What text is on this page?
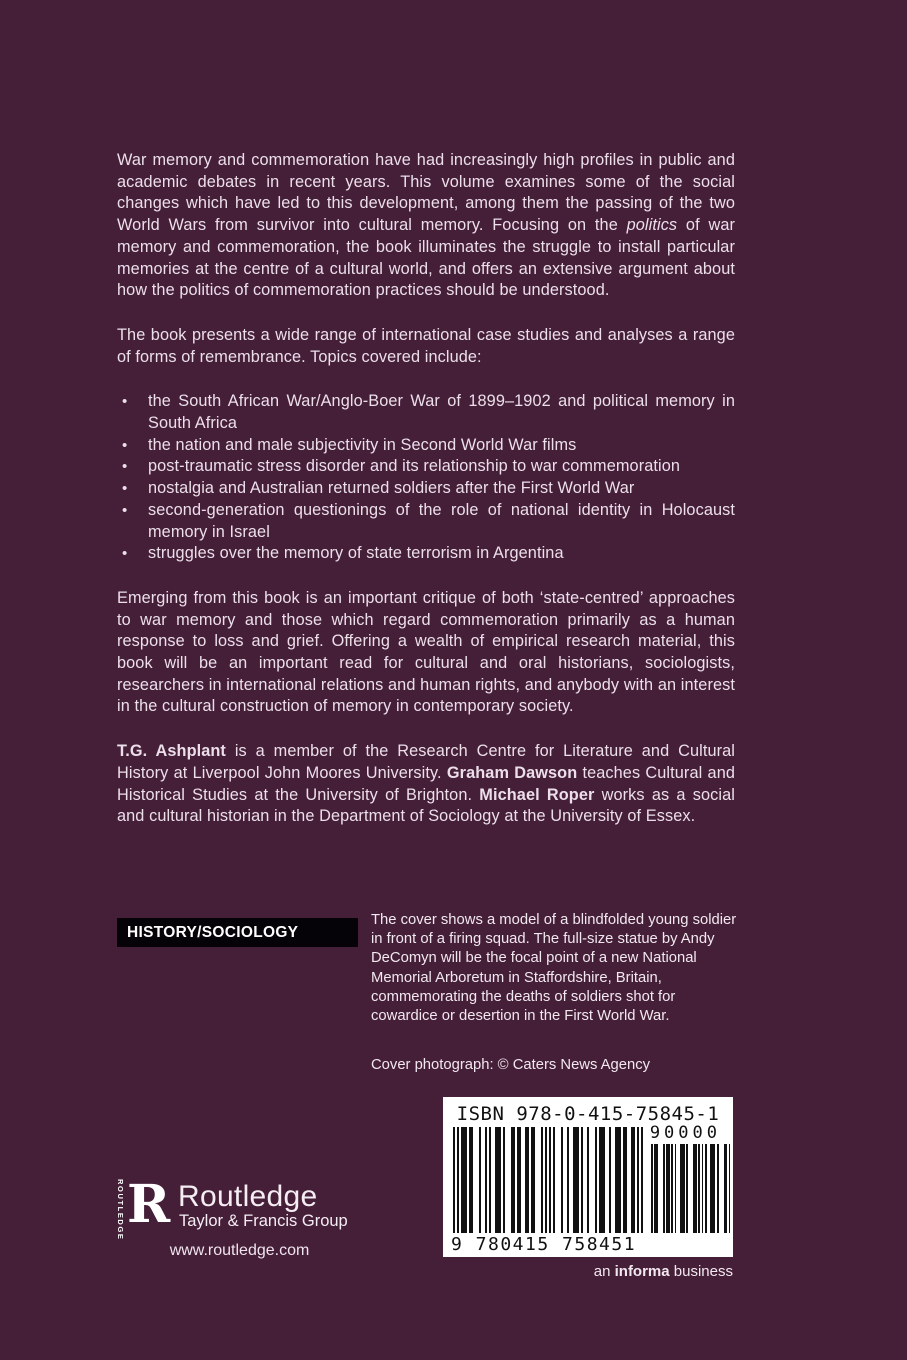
War memory and commemoration have had increasingly high profiles in public and academic debates in recent years. This volume examines some of the social changes which have led to this development, among them the passing of the two World Wars from survivor into cultural memory. Focusing on the politics of war memory and commemoration, the book illuminates the struggle to install particular memories at the centre of a cultural world, and offers an extensive argument about how the politics of commemoration practices should be understood.

The book presents a wide range of international case studies and analyses a range of forms of remembrance. Topics covered include:

• the South African War/Anglo-Boer War of 1899–1902 and political memory in South Africa
• the nation and male subjectivity in Second World War films
• post-traumatic stress disorder and its relationship to war commemoration
• nostalgia and Australian returned soldiers after the First World War
• second-generation questionings of the role of national identity in Holocaust memory in Israel
• struggles over the memory of state terrorism in Argentina

Emerging from this book is an important critique of both ‘state-centred’ approaches to war memory and those which regard commemoration primarily as a human response to loss and grief. Offering a wealth of empirical research material, this book will be an important read for cultural and oral historians, sociologists, researchers in international relations and human rights, and anybody with an interest in the cultural construction of memory in contemporary society.

T.G. Ashplant is a member of the Research Centre for Literature and Cultural History at Liverpool John Moores University. Graham Dawson teaches Cultural and Historical Studies at the University of Brighton. Michael Roper works as a social and cultural historian in the Department of Sociology at the University of Essex.

HISTORY/SOCIOLOGY
The cover shows a model of a blindfolded young soldier in front of a firing squad. The full-size statue by Andy DeComyn will be the focal point of a new National Memorial Arboretum in Staffordshire, Britain, commemorating the deaths of soldiers shot for cowardice or desertion in the First World War.
Cover photograph: © Caters News Agency
ISBN 978-0-415-75845-1
90000
9 780415 758451
an informa business
ROUTLEDGE R Routledge
Taylor & Francis Group
www.routledge.com
